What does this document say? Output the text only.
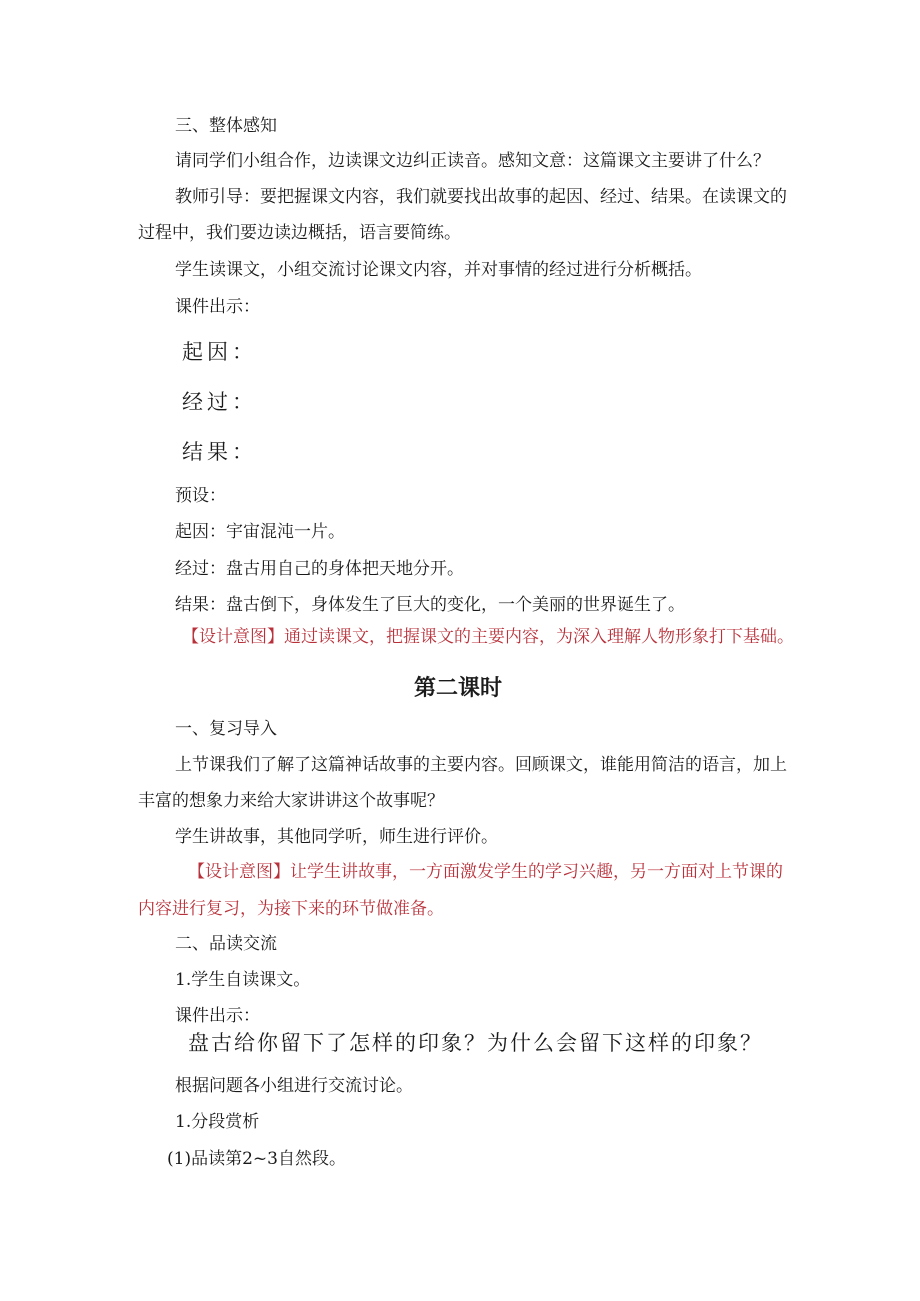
三、整体感知
请同学们小组合作，边读课文边纠正读音。感知文意：这篇课文主要讲了什么？
教师引导：要把握课文内容，我们就要找出故事的起因、经过、结果。在读课文的
过程中，我们要边读边概括，语言要简练。
学生读课文，小组交流讨论课文内容，并对事情的经过进行分析概括。
课件出示：
起因：
经过：
结果：
预设：
起因：宇宙混沌一片。
经过：盘古用自己的身体把天地分开。
结果：盘古倒下，身体发生了巨大的变化，一个美丽的世界诞生了。
【设计意图】通过读课文，把握课文的主要内容，为深入理解人物形象打下基础。
第二课时
一、复习导入
上节课我们了解了这篇神话故事的主要内容。回顾课文，谁能用简洁的语言，加上
丰富的想象力来给大家讲讲这个故事呢？
学生讲故事，其他同学听，师生进行评价。
【设计意图】让学生讲故事，一方面激发学生的学习兴趣，另一方面对上节课的
内容进行复习，为接下来的环节做准备。
二、品读交流
1.学生自读课文。
课件出示：
盘古给你留下了怎样的印象？为什么会留下这样的印象？
根据问题各小组进行交流讨论。
1.分段赏析
(1)品读第2~3自然段。
